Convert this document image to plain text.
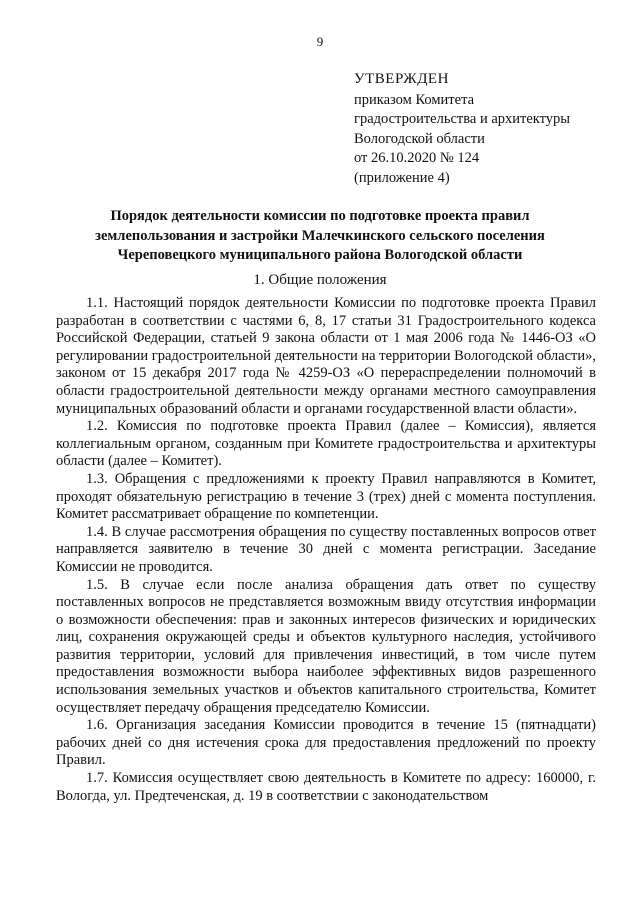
9
УТВЕРЖДЕН
приказом Комитета
градостроительства и архитектуры
Вологодской области
от 26.10.2020 № 124
(приложение 4)
Порядок деятельности комиссии по подготовке проекта правил
землепользования и застройки Малечкинского сельского поселения
Череповецкого муниципального района Вологодской области
1. Общие положения

1.1. Настоящий порядок деятельности Комиссии по подготовке проекта Правил разработан в соответствии с частями 6, 8, 17 статьи 31 Градостроительного кодекса Российской Федерации, статьей 9 закона области от 1 мая 2006 года № 1446-ОЗ «О регулировании градостроительной деятельности на территории Вологодской области», законом от 15 декабря 2017 года № 4259-ОЗ «О перераспределении полномочий в области градостроительной деятельности между органами местного самоуправления муниципальных образований области и органами государственной власти области».

1.2. Комиссия по подготовке проекта Правил (далее – Комиссия), является коллегиальным органом, созданным при Комитете градостроительства и архитектуры области (далее – Комитет).

1.3. Обращения с предложениями к проекту Правил направляются в Комитет, проходят обязательную регистрацию в течение 3 (трех) дней с момента поступления. Комитет рассматривает обращение по компетенции.

1.4. В случае рассмотрения обращения по существу поставленных вопросов ответ направляется заявителю в течение 30 дней с момента регистрации. Заседание Комиссии не проводится.

1.5. В случае если после анализа обращения дать ответ по существу поставленных вопросов не представляется возможным ввиду отсутствия информации о возможности обеспечения: прав и законных интересов физических и юридических лиц, сохранения окружающей среды и объектов культурного наследия, устойчивого развития территории, условий для привлечения инвестиций, в том числе путем предоставления возможности выбора наиболее эффективных видов разрешенного использования земельных участков и объектов капитального строительства, Комитет осуществляет передачу обращения председателю Комиссии.

1.6. Организация заседания Комиссии проводится в течение 15 (пятнадцати) рабочих дней со дня истечения срока для предоставления предложений по проекту Правил.

1.7. Комиссия осуществляет свою деятельность в Комитете по адресу: 160000, г. Вологда, ул. Предтеченская, д. 19 в соответствии с законодательством
